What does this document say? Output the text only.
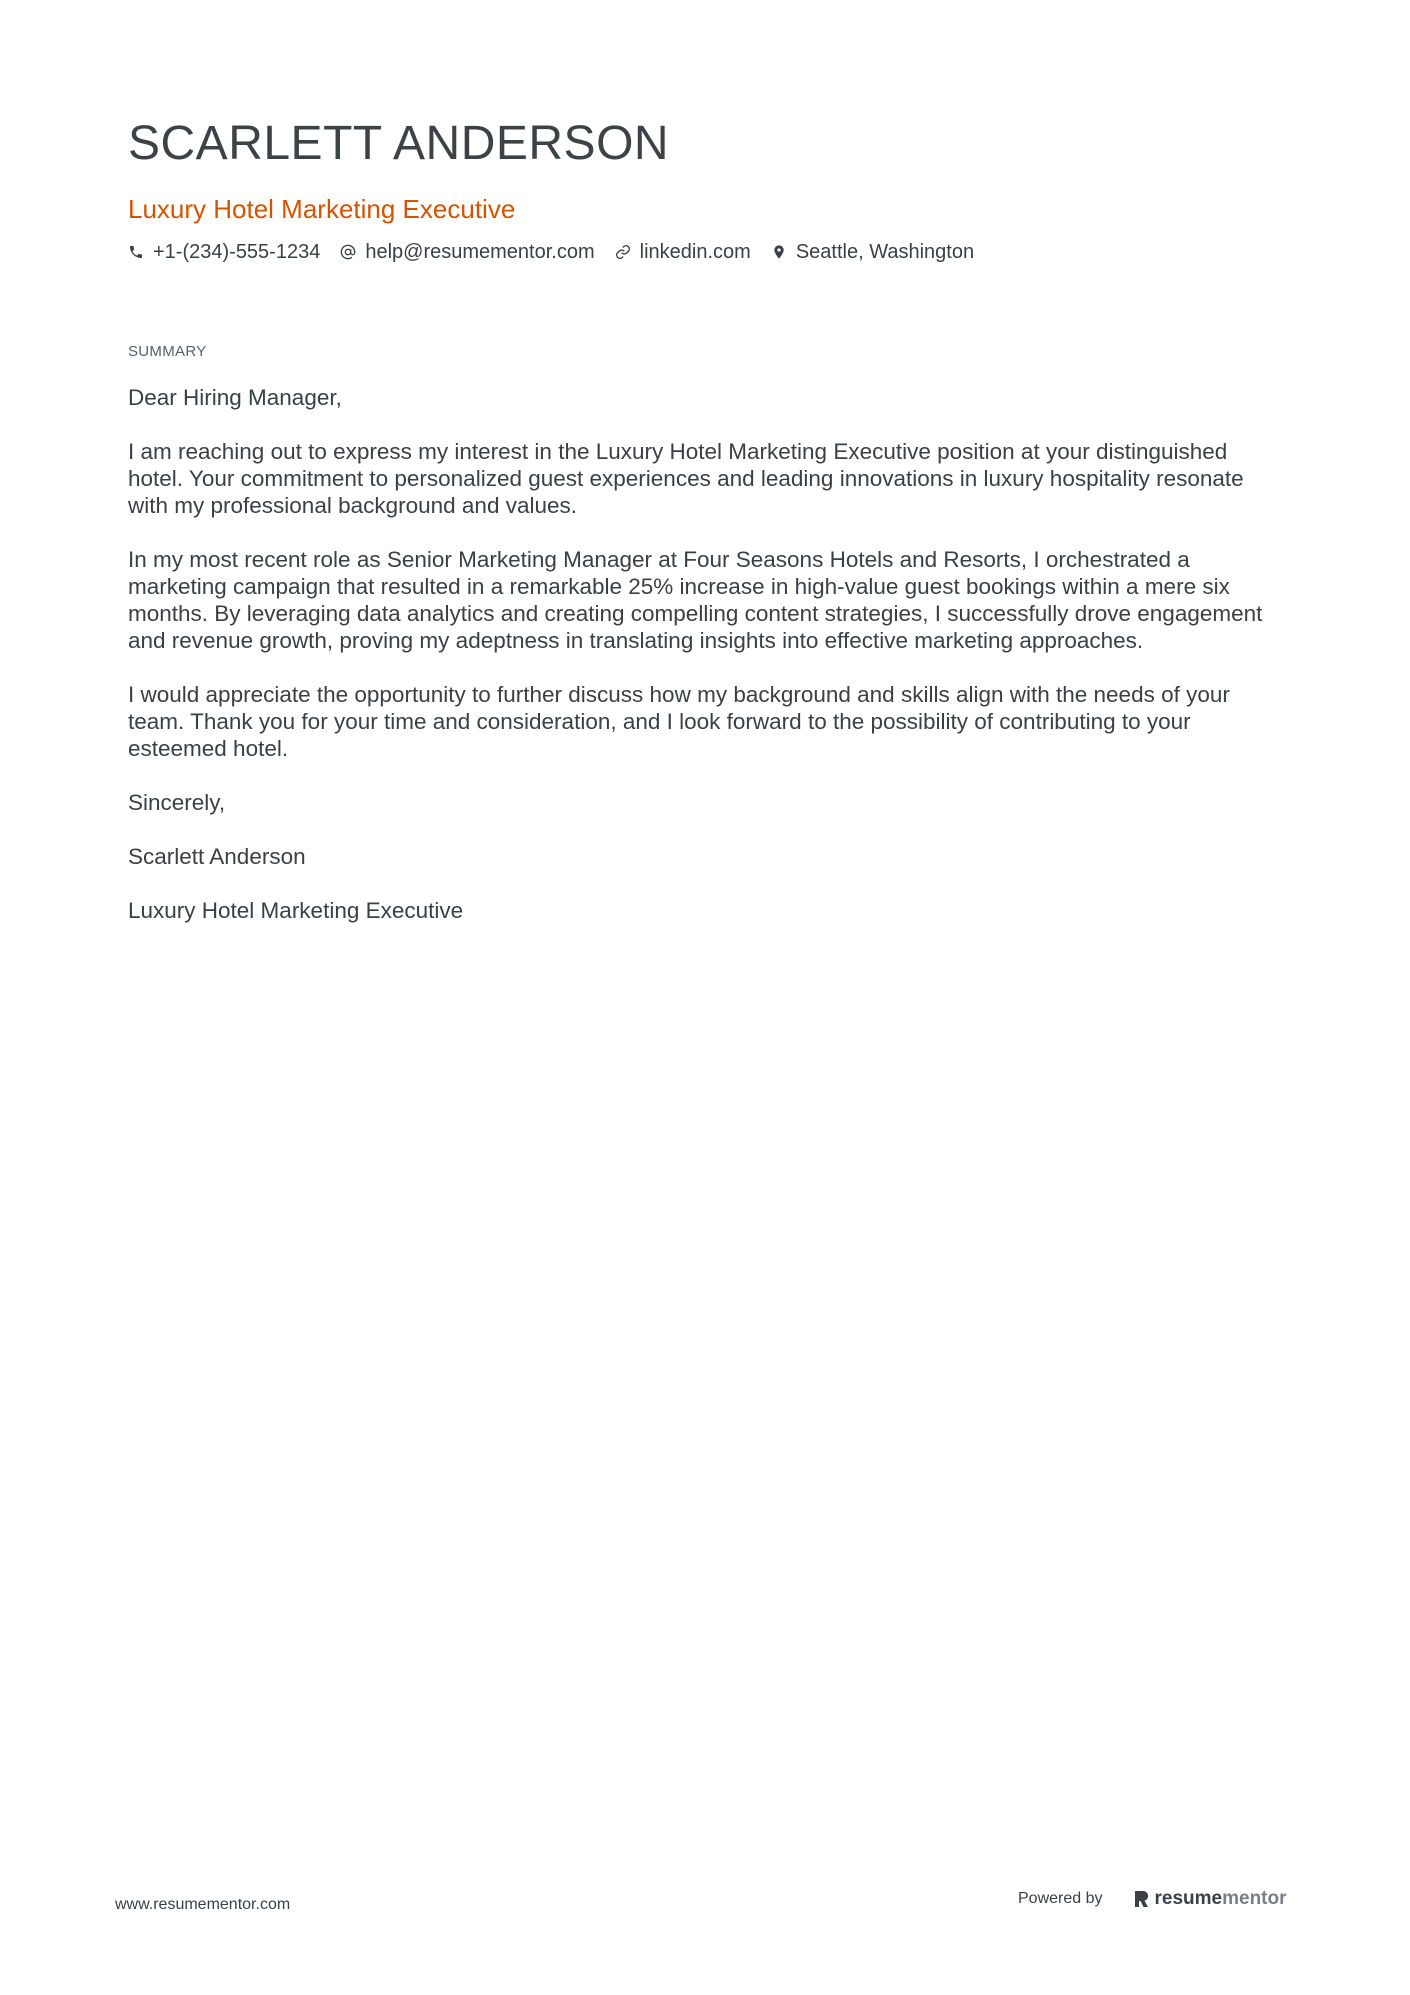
SCARLETT ANDERSON
Luxury Hotel Marketing Executive
+1-(234)-555-1234 help@resumementor.com linkedin.com Seattle, Washington
SUMMARY

Dear Hiring Manager,

I am reaching out to express my interest in the Luxury Hotel Marketing Executive position at your distinguished hotel. Your commitment to personalized guest experiences and leading innovations in luxury hospitality resonate with my professional background and values.

In my most recent role as Senior Marketing Manager at Four Seasons Hotels and Resorts, I orchestrated a marketing campaign that resulted in a remarkable 25% increase in high-value guest bookings within a mere six months. By leveraging data analytics and creating compelling content strategies, I successfully drove engagement and revenue growth, proving my adeptness in translating insights into effective marketing approaches.

I would appreciate the opportunity to further discuss how my background and skills align with the needs of your team. Thank you for your time and consideration, and I look forward to the possibility of contributing to your esteemed hotel.

Sincerely,

Scarlett Anderson

Luxury Hotel Marketing Executive

www.resumementor.com	Powered by	resume mentor
